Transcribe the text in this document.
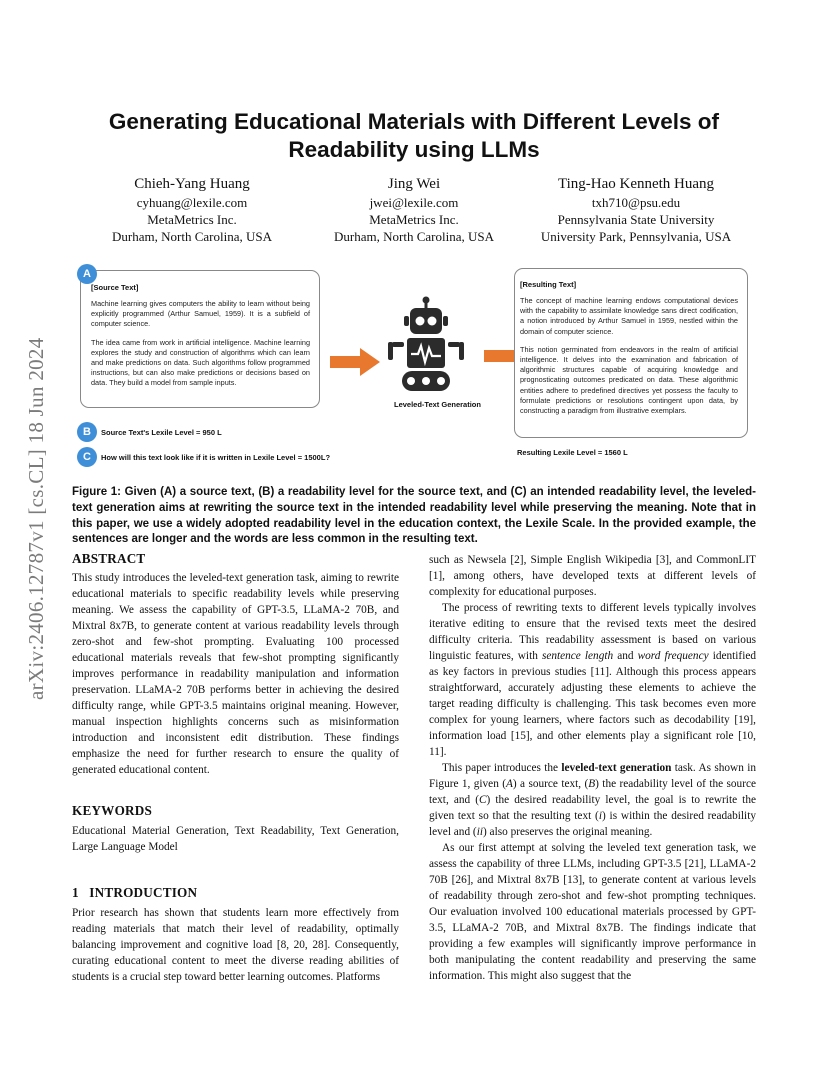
arXiv:2406.12787v1 [cs.CL] 18 Jun 2024
Generating Educational Materials with Different Levels of Readability using LLMs
Chieh-Yang Huang
cyhuang@lexile.com
MetaMetrics Inc.
Durham, North Carolina, USA
Jing Wei
jwei@lexile.com
MetaMetrics Inc.
Durham, North Carolina, USA
Ting-Hao Kenneth Huang
txh710@psu.edu
Pennsylvania State University
University Park, Pennsylvania, USA
[Source Text]

Machine learning gives computers the ability to learn without being explicitly programmed (Arthur Samuel, 1959). It is a subfield of computer science.

The idea came from work in artificial intelligence. Machine learning explores the study and construction of algorithms which can learn and make predictions on data. Such algorithms follow programmed instructions, but can also make predictions or decisions based on data. They build a model from sample inputs.

A
B	Source Text's Lexile Level = 950 L
C	How will this text look like if it is written in Lexile Level = 1500L?
Leveled-Text Generation
[Resulting Text]

The concept of machine learning endows computational devices with the capability to assimilate knowledge sans direct codification, a notion introduced by Arthur Samuel in 1959, nestled within the domain of computer science.

This notion germinated from endeavors in the realm of artificial intelligence. It delves into the examination and fabrication of algorithmic structures capable of acquiring knowledge and prognosticating outcomes predicated on data. These algorithmic entities adhere to predefined directives yet possess the faculty to formulate predictions or resolutions contingent upon data, by constructing a paradigm from illustrative exemplars.

Resulting Lexile Level = 1560 L
Figure 1: Given (A) a source text, (B) a readability level for the source text, and (C) an intended readability level, the leveled-text generation aims at rewriting the source text in the intended readability level while preserving the meaning. Note that in this paper, we use a widely adopted readability level in the education context, the Lexile Scale. In the provided example, the sentences are longer and the words are less common in the resulting text.
ABSTRACT

This study introduces the leveled-text generation task, aiming to rewrite educational materials to specific readability levels while preserving meaning. We assess the capability of GPT-3.5, LLaMA-2 70B, and Mixtral 8x7B, to generate content at various readability levels through zero-shot and few-shot prompting. Evaluating 100 processed educational materials reveals that few-shot prompting significantly improves performance in readability manipulation and information preservation. LLaMA-2 70B performs better in achieving the desired difficulty range, while GPT-3.5 maintains original meaning. However, manual inspection highlights concerns such as misinformation introduction and inconsistent edit distribution. These findings emphasize the need for further research to ensure the quality of generated educational content.

KEYWORDS

Educational Material Generation, Text Readability, Text Generation, Large Language Model

1 INTRODUCTION

Prior research has shown that students learn more effectively from reading materials that match their level of readability, optimally balancing improvement and cognitive load [8, 20, 28]. Consequently, curating educational content to meet the diverse reading abilities of students is a crucial step toward better learning outcomes. Platforms

such as Newsela [2], Simple English Wikipedia [3], and CommonLIT [1], among others, have developed texts at different levels of complexity for educational purposes.

The process of rewriting texts to different levels typically involves iterative editing to ensure that the revised texts meet the desired difficulty criteria. This readability assessment is based on various linguistic features, with sentence length and word frequency identified as key factors in previous studies [11]. Although this process appears straightforward, accurately adjusting these elements to achieve the target reading difficulty is challenging. This task becomes even more complex for young learners, where factors such as decodability [19], information load [15], and other elements play a significant role [10, 11].

This paper introduces the leveled-text generation task. As shown in Figure 1, given (A) a source text, (B) the readability level of the source text, and (C) the desired readability level, the goal is to rewrite the given text so that the resulting text (i) is within the desired readability level and (ii) also preserves the original meaning.

As our first attempt at solving the leveled text generation task, we assess the capability of three LLMs, including GPT-3.5 [21], LLaMA-2 70B [26], and Mixtral 8x7B [13], to generate content at various levels of readability through zero-shot and few-shot prompting techniques. Our evaluation involved 100 educational materials processed by GPT-3.5, LLaMA-2 70B, and Mixtral 8x7B. The findings indicate that providing a few examples will significantly improve performance in both manipulating the content readability and preserving the same information. This might also suggest that the
